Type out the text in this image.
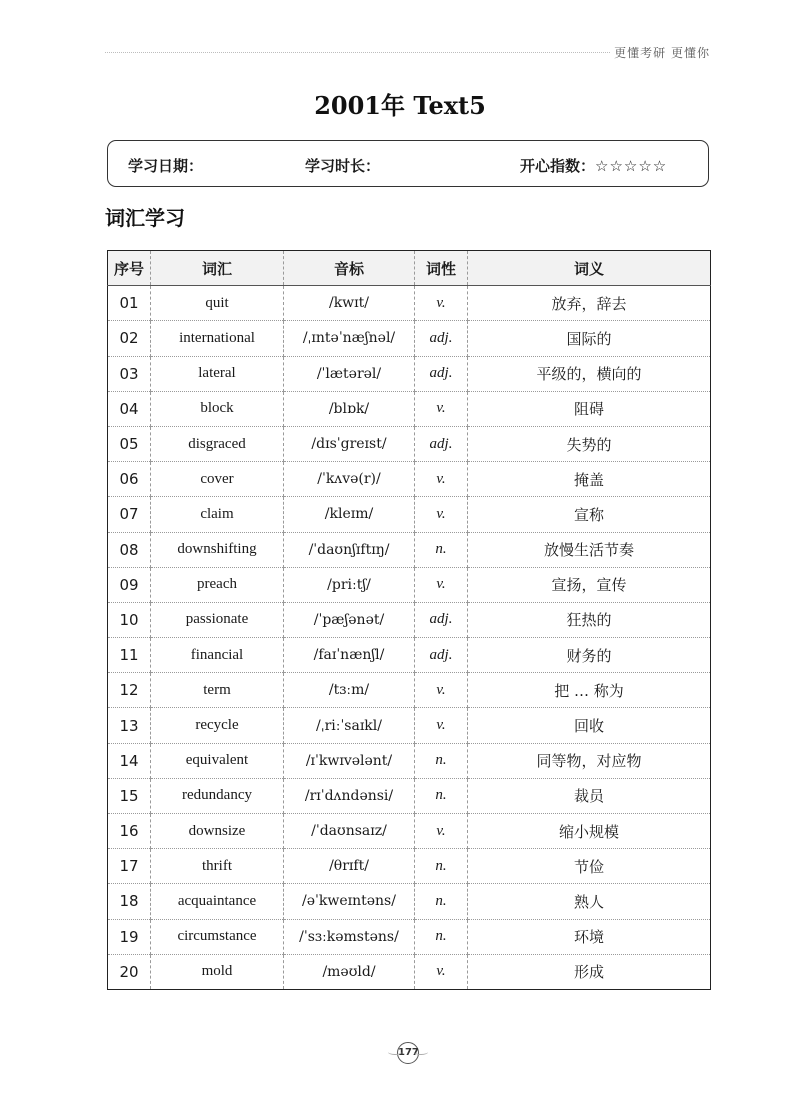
更懂考研 更懂你
2001年 Text5
学习日期：	学习时长：	开心指数：☆☆☆☆☆
词汇学习
序号	词汇	音标	词性	词义
01	quit	/kwɪt/	v.	放弃，辞去
02	international	/ˌɪntəˈnæʃnəl/	adj.	国际的
03	lateral	/ˈlætərəl/	adj.	平级的，横向的
04	block	/blɒk/	v.	阻碍
05	disgraced	/dɪsˈgreɪst/	adj.	失势的
06	cover	/ˈkʌvə(r)/	v.	掩盖
07	claim	/kleɪm/	v.	宣称
08	downshifting	/ˈdaʊnʃɪftɪŋ/	n.	放慢生活节奏
09	preach	/priːtʃ/	v.	宣扬，宣传
10	passionate	/ˈpæʃənət/	adj.	狂热的
11	financial	/faɪˈnænʃl/	adj.	财务的
12	term	/tɜːm/	v.	把 … 称为
13	recycle	/ˌriːˈsaɪkl/	v.	回收
14	equivalent	/ɪˈkwɪvələnt/	n.	同等物，对应物
15	redundancy	/rɪˈdʌndənsi/	n.	裁员
16	downsize	/ˈdaʊnsaɪz/	v.	缩小规模
17	thrift	/θrɪft/	n.	节俭
18	acquaintance	/əˈkweɪntəns/	n.	熟人
19	circumstance	/ˈsɜːkəmstəns/	n.	环境
20	mold	/məʊld/	v.	形成
177
